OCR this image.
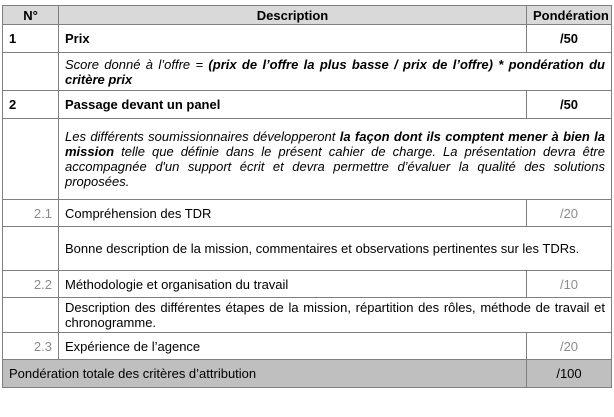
N°	Description	Pondération
1	Prix	/50
	Score donné à l’offre = (prix de l’offre la plus basse / prix de l’offre) * pondération du critère prix	
2	Passage devant un panel	/50
	Les différents soumissionnaires développeront la façon dont ils comptent mener à bien la mission telle que définie dans le présent cahier de charge. La présentation devra être accompagnée d'un support écrit et devra permettre d’évaluer la qualité des solutions proposées.	
2.1	Compréhension des TDR	/20
	Bonne description de la mission, commentaires et observations pertinentes sur les TDRs.	
2.2	Méthodologie et organisation du travail	/10
	Description des différentes étapes de la mission, répartition des rôles, méthode de travail et chronogramme.	
2.3	Expérience de l’agence	/20
Pondération totale des critères d’attribution		/100
